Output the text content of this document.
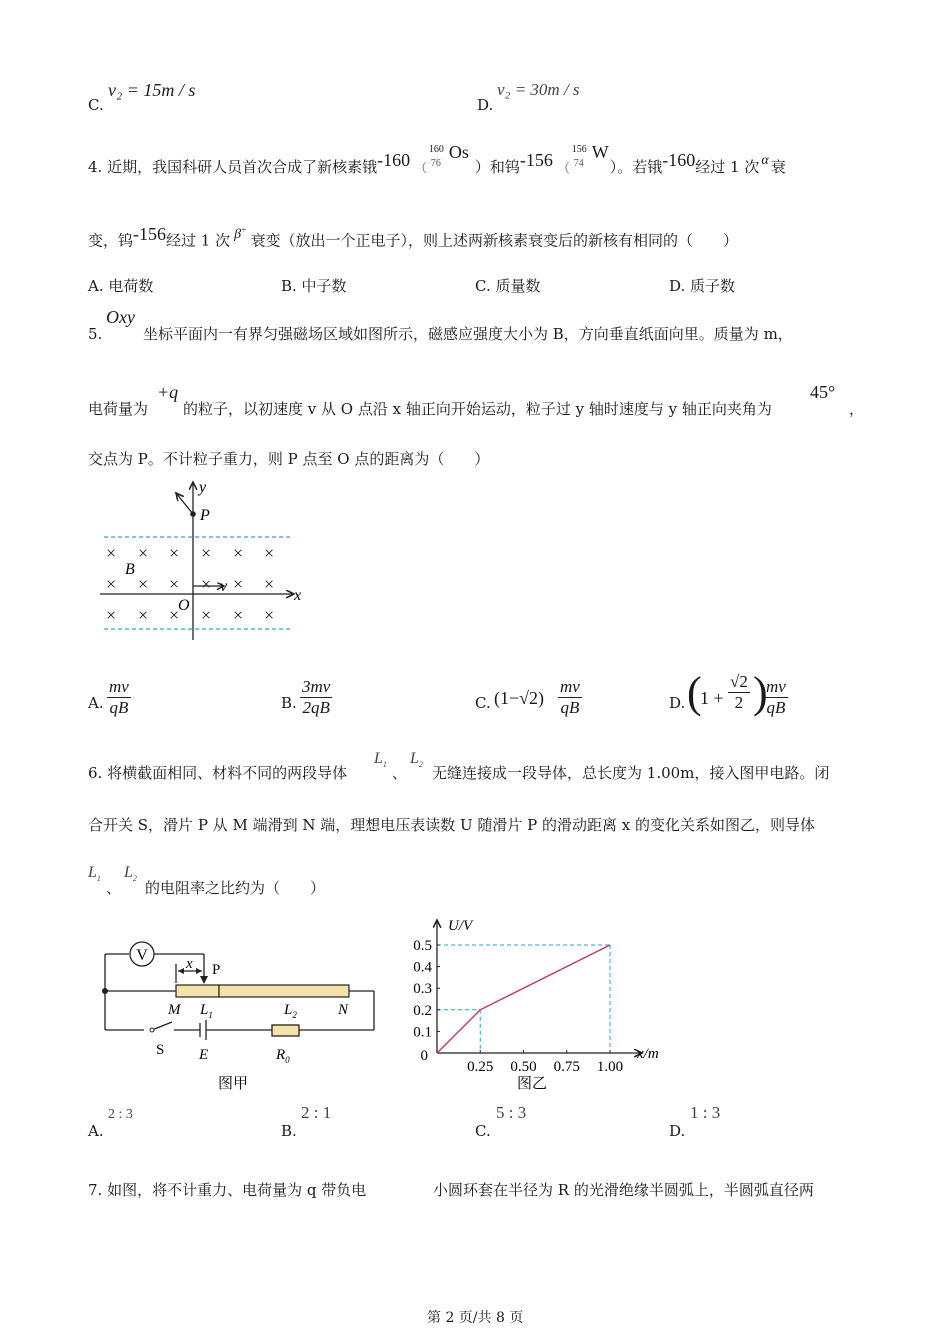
C.
v₂ = 15m / s
D.
v₂ = 30m / s
4. 近期，我国科研人员首次合成了新核素锇-160 （
160
76
Os
）和钨-156 （
156
74
W
）。若锇-160经过 1 次 α 衰
变，钨-156经过 1 次 β+衰变（放出一个正电子），则上述两新核素衰变后的新核有相同的（　　）
A. 电荷数	B. 中子数	C. 质量数	D. 质子数
5.
Oxy
坐标平面内一有界匀强磁场区域如图所示，磁感应强度大小为 B，方向垂直纸面向里。质量为 m，
电荷量为
+q
的粒子，以初速度 v 从 O 点沿 x 轴正向开始运动，粒子过 y 轴时速度与 y 轴正向夹角为
45°
，
交点为 P。不计粒子重力，则 P 点至 O 点的距离为（　　）
× × × × × ×
× × × × × ×
× × × × × ×
y
x
P
O
B
v
A. $\frac{mv}{qB}$	B. $\frac{3mv}{2qB}$	C. $(1-√2) \frac{mv}{qB}$	D. (
$1 + \frac{√2}{2}$ )
$\frac{mv}{qB}$
6. 将横截面相同、材料不同的两段导体
$L_1$ 、
$L_2$ 无缝连接成一段导体，总长度为 1.00m，接入图甲电路。闭
合开关 S，滑片 P 从 M 端滑到 N 端，理想电压表读数 U 随滑片 P 的滑动距离 x 的变化关系如图乙，则导体
$L_1$
、
$L_2$
的电阻率之比约为（　　）
V	x P
M $L_1$	$L_2$	N
S E	$R_0$
图甲
0.25 0.50 0.75 1.00
0.1
0.2
0.3
0.4
0.5
U/V
x/m
0
图乙
A.
2 : 3
B.
2 : 1
C.
5 : 3
D.
1 : 3
7. 如图，将不计重力、电荷量为 q 带负电	小圆环套在半径为 R 的光滑绝缘半圆弧上，半圆弧直径两
第 2 页/共 8 页
